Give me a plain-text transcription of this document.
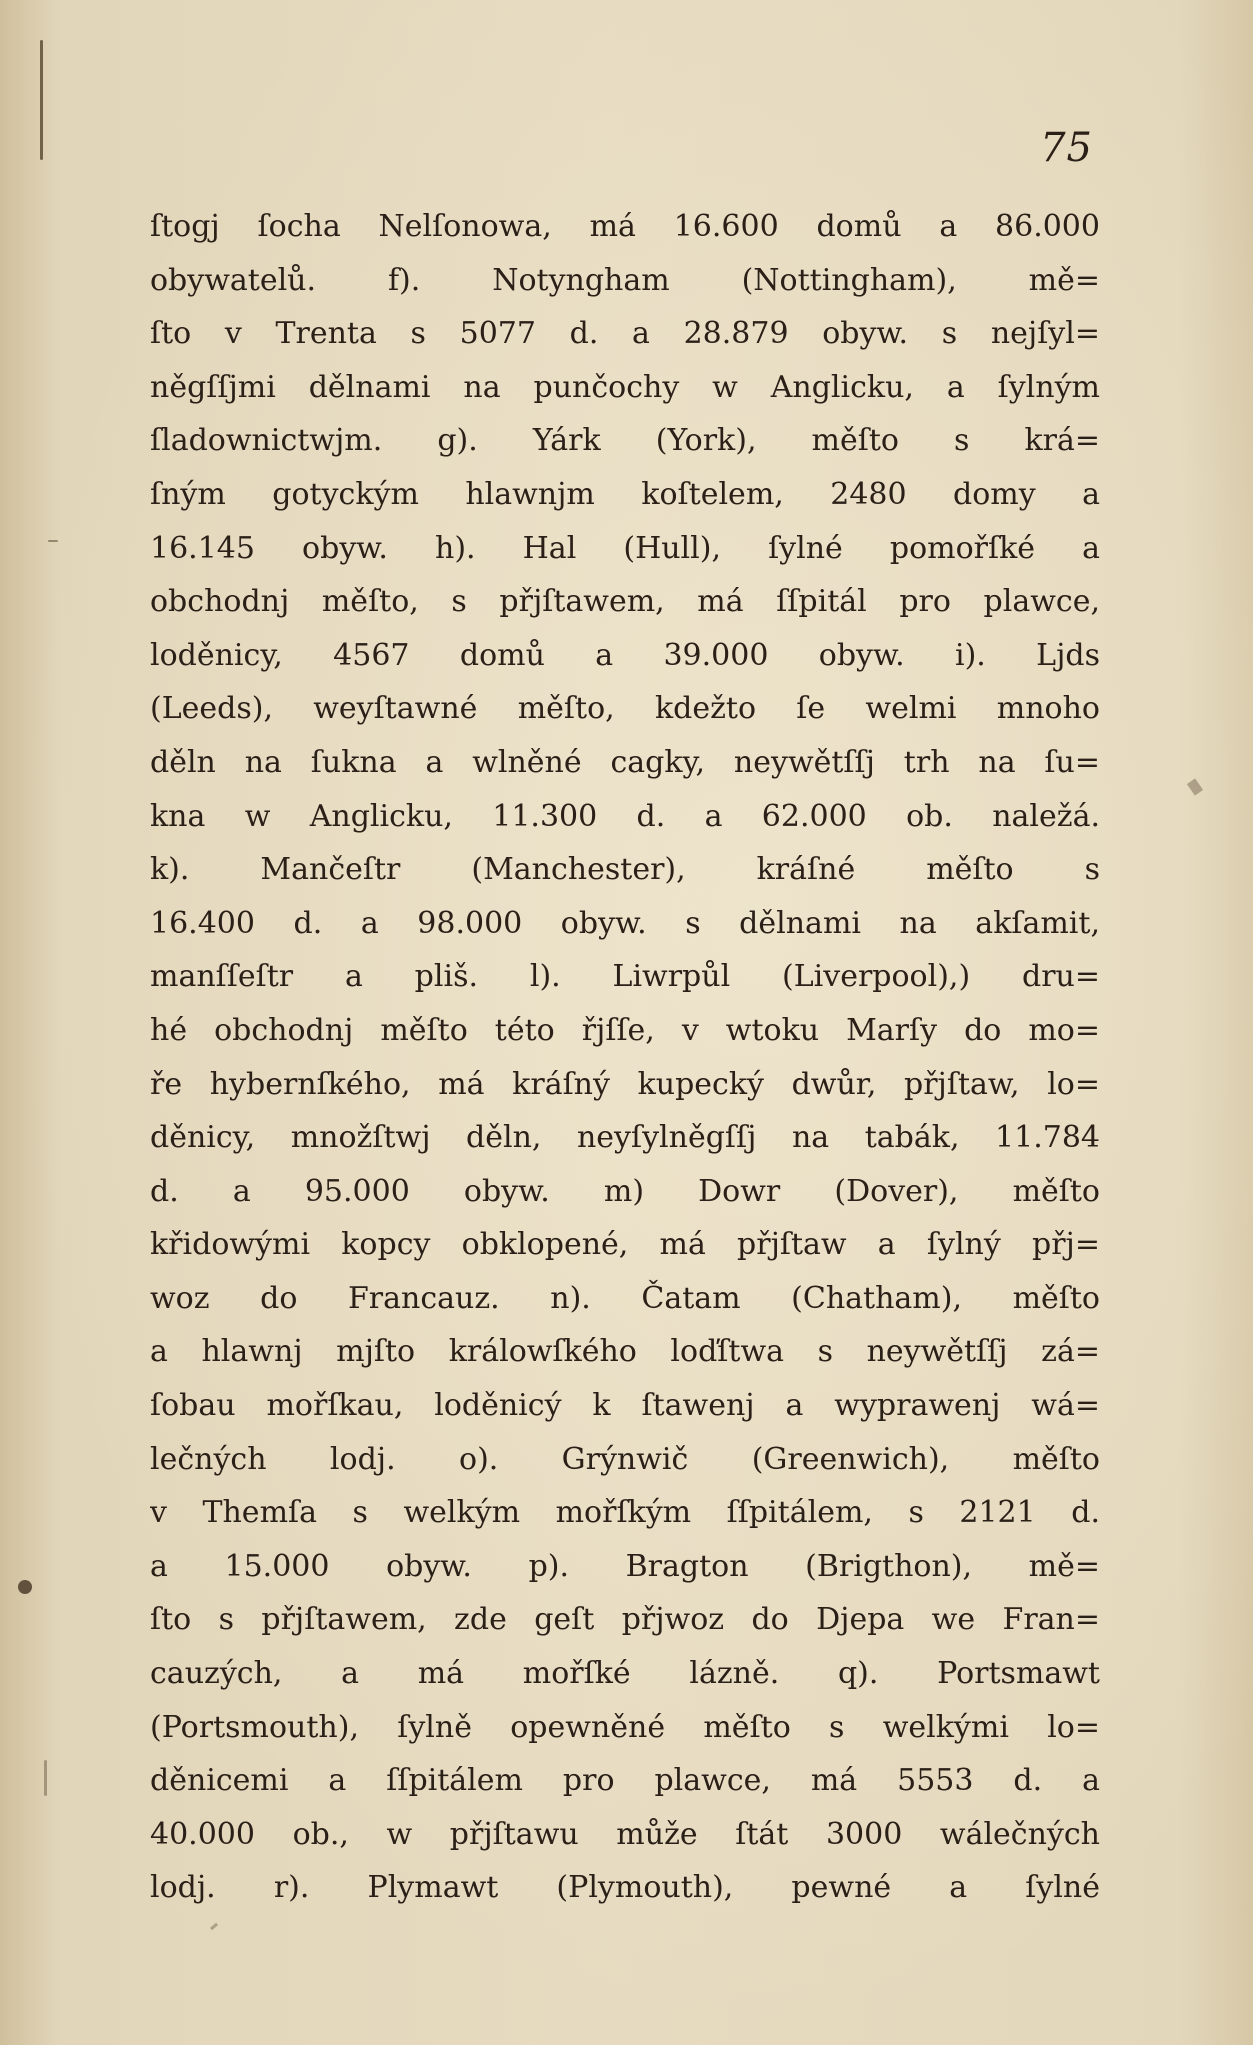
75
ſtogj ſocha Nelſonowa, má 16.600 domů a 86.000
obywatelů. f). Notyngham (Nottingham), mě=
ſto v Trenta s 5077 d. a 28.879 obyw. s nejſyl=
něgſſjmi dělnami na punčochy w Anglicku, a ſylným
ſladownictwjm. g). Yárk (York), měſto s krá=
ſným gotyckým hlawnjm koſtelem, 2480 domy a
16.145 obyw. h). Hal (Hull), ſylné pomořſké a
obchodnj měſto, s přjſtawem, má ſſpitál pro plawce,
loděnicy, 4567 domů a 39.000 obyw. i). Ljds
(Leeds), weyſtawné měſto, kdežto ſe welmi mnoho
děln na ſukna a wlněné cagky, neywětſſj trh na ſu=
kna w Anglicku, 11.300 d. a 62.000 ob. naležá.
k). Mančeſtr (Manchester), kráſné měſto s
16.400 d. a 98.000 obyw. s dělnami na akſamit,
manſſeſtr a pliš. l). Liwrpůl (Liverpool),) dru=
hé obchodnj měſto této řjſſe, v wtoku Marſy do mo=
ře hybernſkého, má kráſný kupecký dwůr, přjſtaw, lo=
děnicy, množſtwj děln, neyſylněgſſj na tabák, 11.784
d. a 95.000 obyw. m) Dowr (Dover), měſto
křidowými kopcy obklopené, má přjſtaw a ſylný přj=
woz do Francauz. n). Čatam (Chatham), měſto
a hlawnj mjſto králowſkého loďſtwa s neywětſſj zá=
ſobau mořſkau, loděnicý k ſtawenj a wyprawenj wá=
lečných lodj. o). Grýnwič (Greenwich), měſto
v Themſa s welkým mořſkým ſſpitálem, s 2121 d.
a 15.000 obyw. p). Bragton (Brigthon), mě=
ſto s přjſtawem, zde geſt přjwoz do Djepa we Fran=
cauzých, a má mořſké lázně. q). Portsmawt
(Portsmouth), ſylně opewněné měſto s welkými lo=
děnicemi a ſſpitálem pro plawce, má 5553 d. a
40.000 ob., w přjſtawu může ſtát 3000 wálečných
lodj. r). Plymawt (Plymouth), pewné a ſylné
